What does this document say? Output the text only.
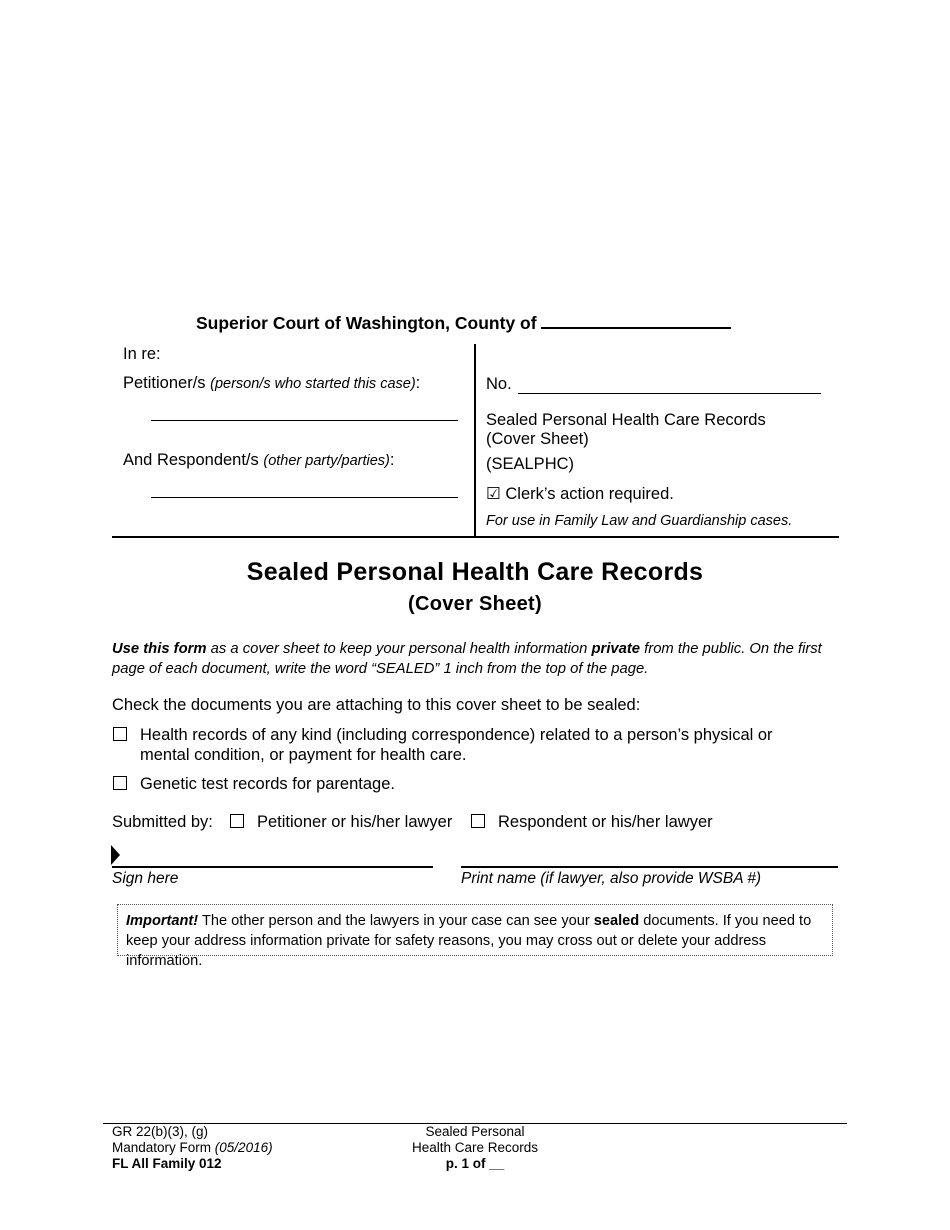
Superior Court of Washington, County of
In re:
Petitioner/s (person/s who started this case):
And Respondent/s (other party/parties):
No.
Sealed Personal Health Care Records
(Cover Sheet)
(SEALPHC)
☑ Clerk’s action required.
For use in Family Law and Guardianship cases.
Sealed Personal Health Care Records
(Cover Sheet)
Use this form as a cover sheet to keep your personal health information private from the public. On the first page of each document, write the word “SEALED” 1 inch from the top of the page.
Check the documents you are attaching to this cover sheet to be sealed:
Health records of any kind (including correspondence) related to a person’s physical or
mental condition, or payment for health care.
Genetic test records for parentage.
Submitted by:	Petitioner or his/her lawyer	Respondent or his/her lawyer
Sign here	Print name (if lawyer, also provide WSBA #)
Important! The other person and the lawyers in your case can see your sealed documents. If you need to keep your address information private for safety reasons, you may cross out or delete your address information.
GR 22(b)(3), (g)
Mandatory Form (05/2016)
FL All Family 012
Sealed Personal
Health Care Records
p. 1 of __
